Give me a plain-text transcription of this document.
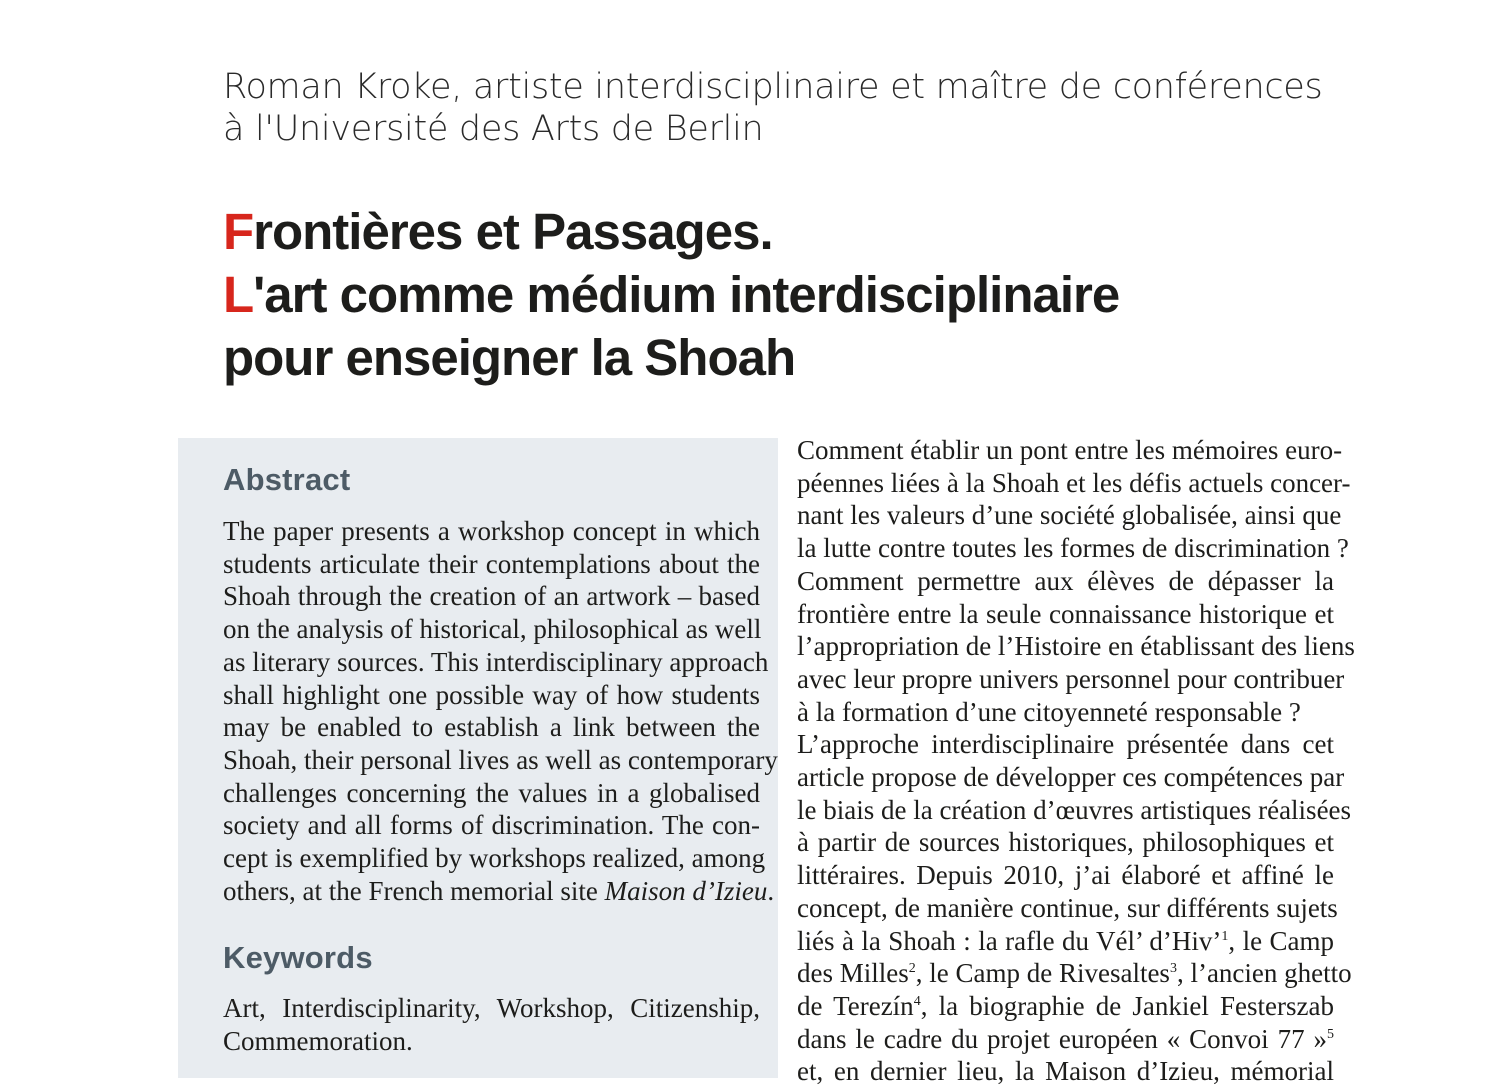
Roman Kroke, artiste interdisciplinaire et maître de conférences
à l'Université des Arts de Berlin
Frontières et Passages.
L'art comme médium interdisciplinaire
pour enseigner la Shoah
Abstract
The paper presents a workshop concept in which
students articulate their contemplations about the
Shoah through the creation of an artwork – based
on the analysis of historical, philosophical as well
as literary sources. This interdisciplinary approach
shall highlight one possible way of how students
may be enabled to establish a link between the
Shoah, their personal lives as well as contemporary
challenges concerning the values in a globalised
society and all forms of discrimination. The con-
cept is exemplified by workshops realized, among
others, at the French memorial site Maison d’Izieu.
Keywords
Art, Interdisciplinarity, Workshop, Citizenship,
Commemoration.
Comment établir un pont entre les mémoires euro-
péennes liées à la Shoah et les défis actuels concer-
nant les valeurs d’une société globalisée, ainsi que
la lutte contre toutes les formes de discrimination ?
Comment permettre aux élèves de dépasser la
frontière entre la seule connaissance historique et
l’appropriation de l’Histoire en établissant des liens
avec leur propre univers personnel pour contribuer
à la formation d’une citoyenneté responsable ?
L’approche interdisciplinaire présentée dans cet
article propose de développer ces compétences par
le biais de la création d’œuvres artistiques réalisées
à partir de sources historiques, philosophiques et
littéraires. Depuis 2010, j’ai élaboré et affiné le
concept, de manière continue, sur différents sujets
liés à la Shoah : la rafle du Vél’ d’Hiv’$^1$, le Camp
des Milles$^2$, le Camp de Rivesaltes$^3$, l’ancien ghetto
de Terezín$^4$, la biographie de Jankiel Festerszab
dans le cadre du projet européen « Convoi 77 »$^5$
et, en dernier lieu, la Maison d’Izieu, mémorial
